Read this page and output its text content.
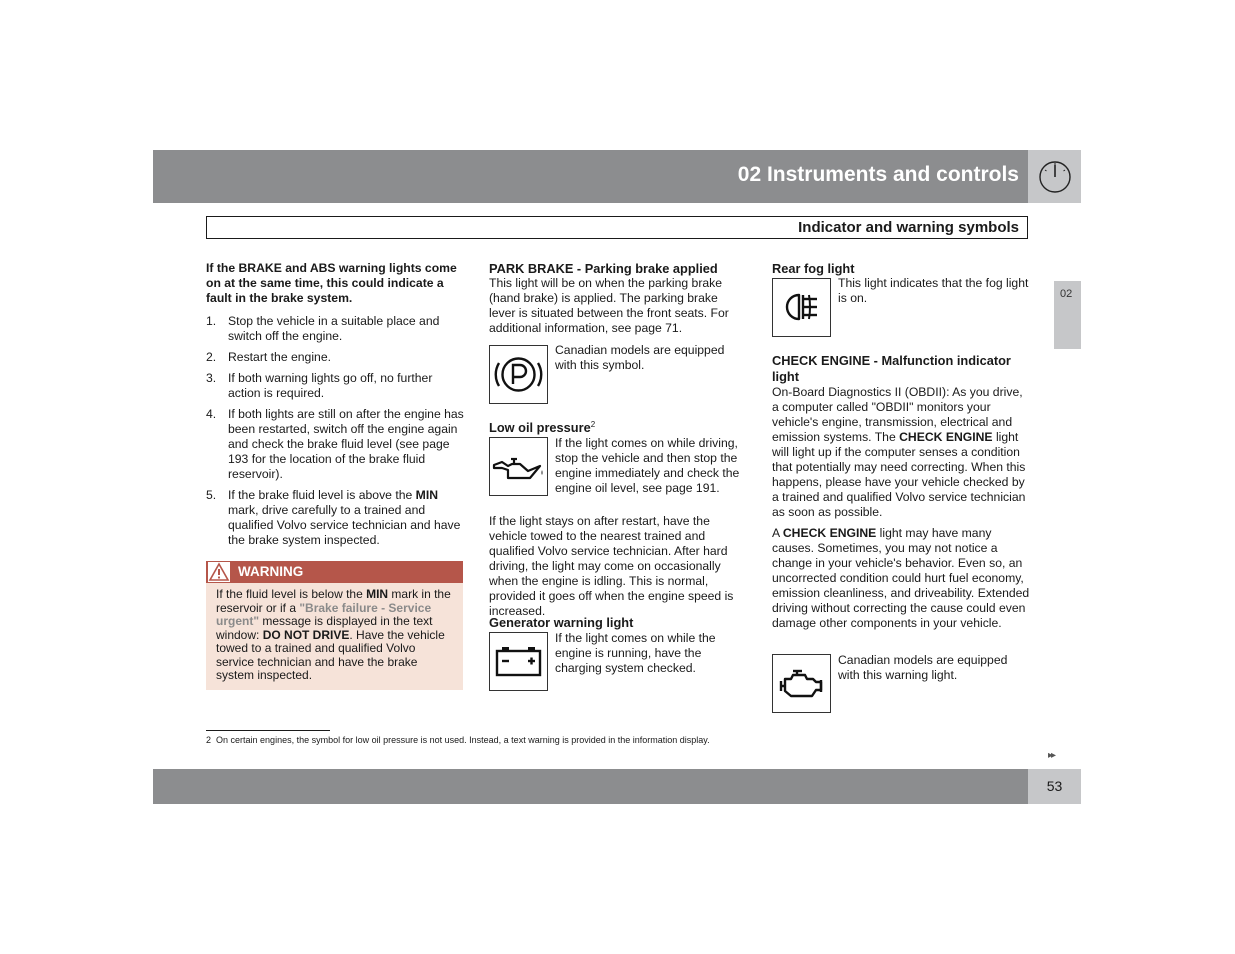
02 Instruments and controls
Indicator and warning symbols
02

If the BRAKE and ABS warning lights come on at the same time, this could indicate a fault in the brake system.

1. Stop the vehicle in a suitable place and switch off the engine.
2. Restart the engine.
3. If both warning lights go off, no further action is required.
4. If both lights are still on after the engine has been restarted, switch off the engine again and check the brake fluid level (see page 193 for the location of the brake fluid reservoir).
5. If the brake fluid level is above the MIN mark, drive carefully to a trained and qualified Volvo service technician and have the brake system inspected.
WARNING
If the fluid level is below the MIN mark in the reservoir or if a "Brake failure - Service urgent" message is displayed in the text window: DO NOT DRIVE. Have the vehicle towed to a trained and qualified Volvo service technician and have the brake system inspected.

PARK BRAKE - Parking brake applied

This light will be on when the parking brake (hand brake) is applied. The parking brake lever is situated between the front seats. For additional information, see page 71.

Canadian models are equipped with this symbol.
Low oil pressure$^2$
If the light comes on while driving, stop the vehicle and then stop the engine immediately and check the engine oil level, see page 191.
If the light stays on after restart, have the vehicle towed to the nearest trained and qualified Volvo service technician. After hard driving, the light may come on occasionally when the engine is idling. This is normal, provided it goes off when the engine speed is increased.
Generator warning light
If the light comes on while the engine is running, have the charging system checked.
Rear fog light
This light indicates that the fog light is on.

CHECK ENGINE - Malfunction indicator light

On-Board Diagnostics II (OBDII): As you drive, a computer called "OBDII" monitors your vehicle's engine, transmission, electrical and emission systems. The CHECK ENGINE light will light up if the computer senses a condition that potentially may need correcting. When this happens, please have your vehicle checked by a trained and qualified Volvo service technician as soon as possible.

A CHECK ENGINE light may have many causes. Sometimes, you may not notice a change in your vehicle's behavior. Even so, an uncorrected condition could hurt fuel economy, emission cleanliness, and driveability. Extended driving without correcting the cause could even damage other components in your vehicle.

Canadian models are equipped with this warning light.
2 On certain engines, the symbol for low oil pressure is not used. Instead, a text warning is provided in the information display.
▸▸
53
